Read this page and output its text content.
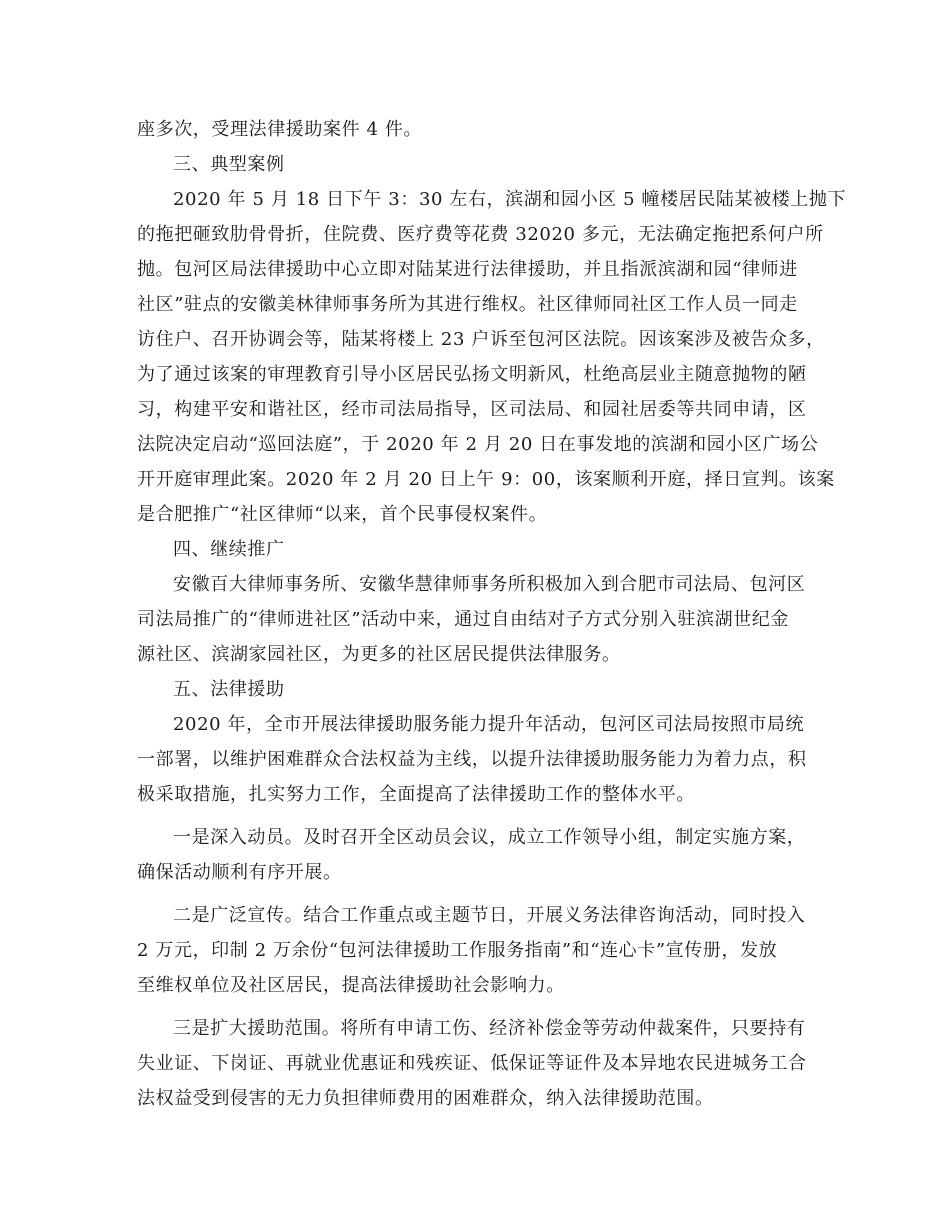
座多次，受理法律援助案件 4 件。
三、典型案例
2020 年 5 月 18 日下午 3：30 左右，滨湖和园小区 5 幢楼居民陆某被楼上抛下
的拖把砸致肋骨骨折，住院费、医疗费等花费 32020 多元，无法确定拖把系何户所
抛。包河区局法律援助中心立即对陆某进行法律援助，并且指派滨湖和园“律师进
社区”驻点的安徽美林律师事务所为其进行维权。社区律师同社区工作人员一同走
访住户、召开协调会等，陆某将楼上 23 户诉至包河区法院。因该案涉及被告众多，
为了通过该案的审理教育引导小区居民弘扬文明新风，杜绝高层业主随意抛物的陋
习，构建平安和谐社区，经市司法局指导，区司法局、和园社居委等共同申请，区
法院决定启动“巡回法庭”，于 2020 年 2 月 20 日在事发地的滨湖和园小区广场公
开开庭审理此案。2020 年 2 月 20 日上午 9：00，该案顺利开庭，择日宣判。该案
是合肥推广“社区律师“以来，首个民事侵权案件。
四、继续推广
安徽百大律师事务所、安徽华慧律师事务所积极加入到合肥市司法局、包河区
司法局推广的“律师进社区”活动中来，通过自由结对子方式分别入驻滨湖世纪金
源社区、滨湖家园社区，为更多的社区居民提供法律服务。
五、法律援助
2020 年，全市开展法律援助服务能力提升年活动，包河区司法局按照市局统
一部署，以维护困难群众合法权益为主线，以提升法律援助服务能力为着力点，积
极采取措施，扎实努力工作，全面提高了法律援助工作的整体水平。
一是深入动员。及时召开全区动员会议，成立工作领导小组，制定实施方案，
确保活动顺利有序开展。
二是广泛宣传。结合工作重点或主题节日，开展义务法律咨询活动，同时投入
2 万元，印制 2 万余份“包河法律援助工作服务指南”和“连心卡”宣传册，发放
至维权单位及社区居民，提高法律援助社会影响力。
三是扩大援助范围。将所有申请工伤、经济补偿金等劳动仲裁案件，只要持有
失业证、下岗证、再就业优惠证和残疾证、低保证等证件及本异地农民进城务工合
法权益受到侵害的无力负担律师费用的困难群众，纳入法律援助范围。
